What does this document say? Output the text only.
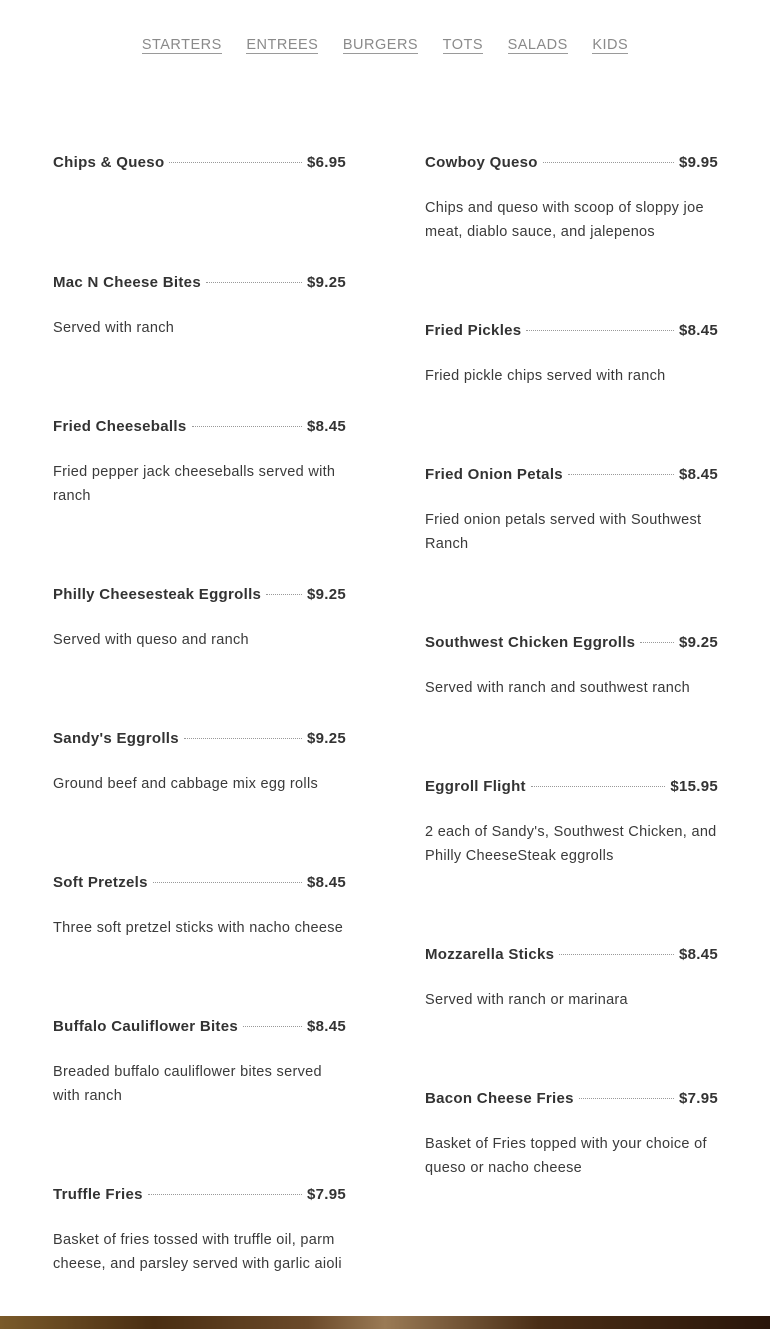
STARTERS ENTREES BURGERS TOTS SALADS KIDS
Chips & Queso	$6.95
Mac N Cheese Bites	$9.25
Served with ranch
Fried Cheeseballs	$8.45
Fried pepper jack cheeseballs served with ranch
Philly Cheesesteak Eggrolls	$9.25
Served with queso and ranch
Sandy's Eggrolls	$9.25
Ground beef and cabbage mix egg rolls
Soft Pretzels	$8.45
Three soft pretzel sticks with nacho cheese
Buffalo Cauliflower Bites	$8.45
Breaded buffalo cauliflower bites served with ranch
Truffle Fries	$7.95
Basket of fries tossed with truffle oil, parm cheese, and parsley served with garlic aioli
Cowboy Queso	$9.95
Chips and queso with scoop of sloppy joe meat, diablo sauce, and jalepenos
Fried Pickles	$8.45
Fried pickle chips served with ranch
Fried Onion Petals	$8.45
Fried onion petals served with Southwest Ranch
Southwest Chicken Eggrolls	$9.25
Served with ranch and southwest ranch
Eggroll Flight	$15.95
2 each of Sandy's, Southwest Chicken, and Philly CheeseSteak eggrolls
Mozzarella Sticks	$8.45
Served with ranch or marinara
Bacon Cheese Fries	$7.95
Basket of Fries topped with your choice of queso or nacho cheese
